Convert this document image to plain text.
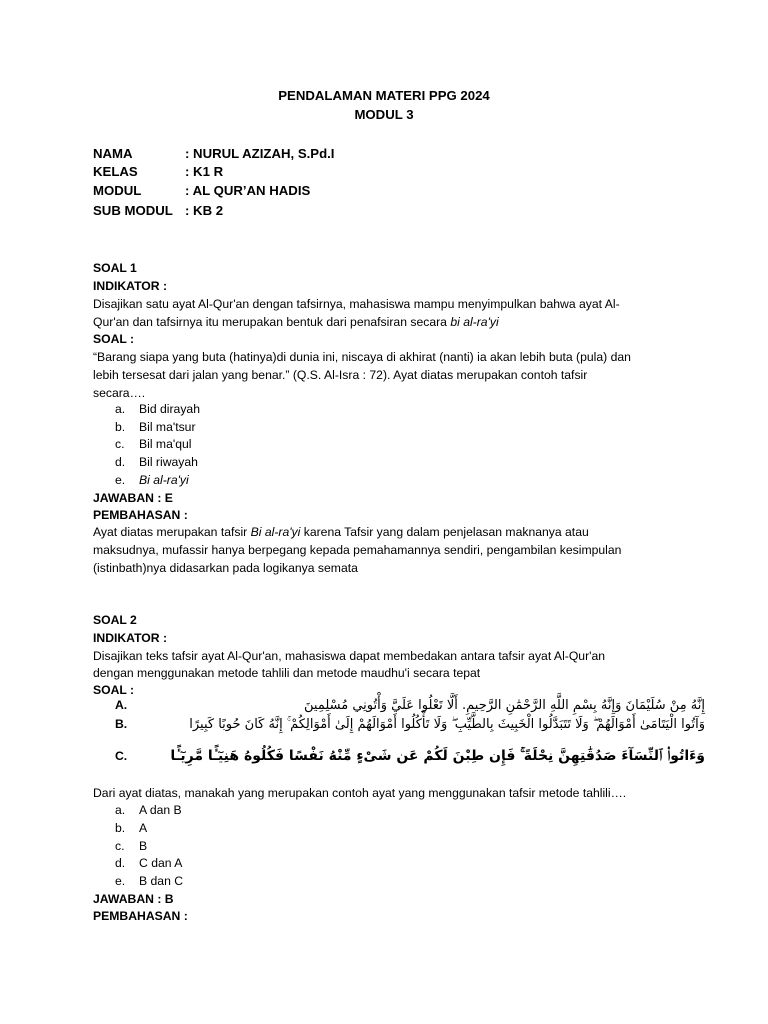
PENDALAMAN MATERI PPG 2024
MODUL 3
NAMA	: NURUL AZIZAH, S.Pd.I
KELAS	: K1 R
MODUL	: AL QUR’AN HADIS
SUB MODUL : KB 2
SOAL 1
INDIKATOR :
Disajikan satu ayat Al-Qur'an dengan tafsirnya, mahasiswa mampu menyimpulkan bahwa ayat Al-
Qur'an dan tafsirnya itu merupakan bentuk dari penafsiran secara bi al-ra'yi
SOAL :
“Barang siapa yang buta (hatinya)di dunia ini, niscaya di akhirat (nanti) ia akan lebih buta (pula) dan
lebih tersesat dari jalan yang benar.” (Q.S. Al-Isra : 72). Ayat diatas merupakan contoh tafsir
secara….
a. Bid dirayah
b. Bil ma'tsur
c. Bil ma'qul
d. Bil riwayah
e. Bi al-ra'yi
JAWABAN : E
PEMBAHASAN :
Ayat diatas merupakan tafsir Bi al-ra'yi karena Tafsir yang dalam penjelasan maknanya atau
maksudnya, mufassir hanya berpegang kepada pemahamannya sendiri, pengambilan kesimpulan
(istinbath)nya didasarkan pada logikanya semata
SOAL 2
INDIKATOR :
Disajikan teks tafsir ayat Al-Qur'an, mahasiswa dapat membedakan antara tafsir ayat Al-Qur'an
dengan menggunakan metode tahlili dan metode maudhu'i secara tepat
SOAL :
A.	إِنَّهُ مِنْ سُلَيْمَانَ وَإِنَّهُ بِسْمِ اللَّهِ الرَّحْمَٰنِ الرَّحِيمِ. أَلَّا تَعْلُوا عَلَيَّ وَأْتُونِي مُسْلِمِينَ
B.	وَآتُوا الْيَتَامَىٰ أَمْوَالَهُمْ ۖ وَلَا تَتَبَدَّلُوا الْخَبِيثَ بِالطَّيِّبِ ۖ وَلَا تَأْكُلُوا أَمْوَالَهُمْ إِلَىٰ أَمْوَالِكُمْ ۚ إِنَّهُ كَانَ حُوبًا كَبِيرًا
C.	وَءَاتُوا۟ ٱلنِّسَآءَ صَدُقَٰتِهِنَّ نِحْلَةً ۚ فَإِن طِبْنَ لَكُمْ عَن شَىْءٍ مِّنْهُ نَفْسًا فَكُلُوهُ هَنِيٓـًٔا مَّرِيٓـًٔا
Dari ayat diatas, manakah yang merupakan contoh ayat yang menggunakan tafsir metode tahlili….
a. A dan B
b. A
c. B
d. C dan A
e. B dan C
JAWABAN : B
PEMBAHASAN :
